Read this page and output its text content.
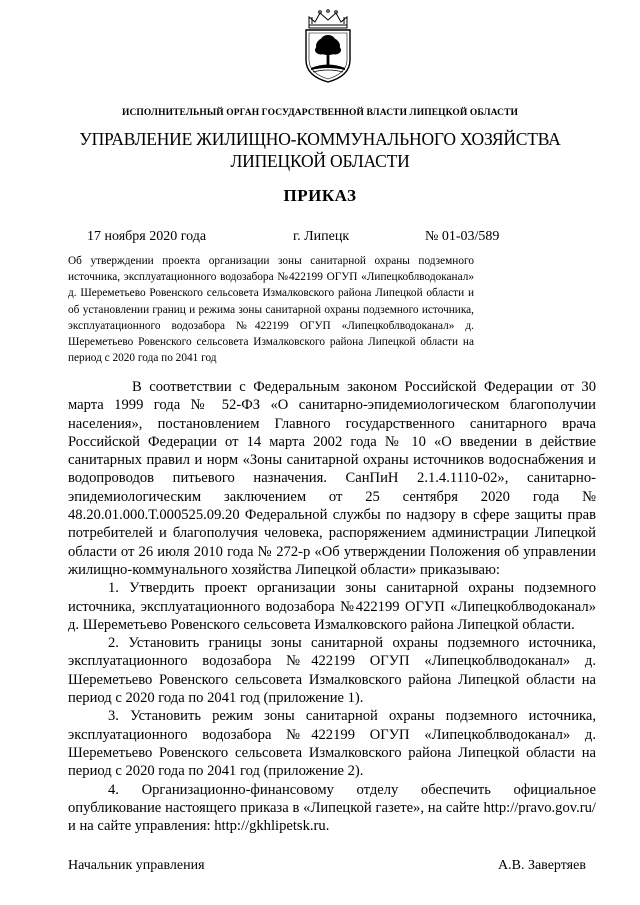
ИСПОЛНИТЕЛЬНЫЙ ОРГАН ГОСУДАРСТВЕННОЙ ВЛАСТИ ЛИПЕЦКОЙ ОБЛАСТИ
УПРАВЛЕНИЕ ЖИЛИЩНО-КОММУНАЛЬНОГО ХОЗЯЙСТВА
ЛИПЕЦКОЙ ОБЛАСТИ
ПРИКАЗ
17 ноября 2020 года	г. Липецк	№ 01-03/589
Об утверждении проекта организации зоны санитарной охраны подземного источника, эксплуатационного водозабора №422199 ОГУП «Липецкоблводоканал» д. Шереметьево Ровенского сельсовета Измалковского района Липецкой области и об установлении границ и режима зоны санитарной охраны подземного источника, эксплуатационного водозабора №422199 ОГУП «Липецкоблводоканал» д. Шереметьево Ровенского сельсовета Измалковского района Липецкой области на период с 2020 года по 2041 год

В соответствии с Федеральным законом Российской Федерации от 30 марта 1999 года № 52-ФЗ «О санитарно-эпидемиологическом благополучии населения», постановлением Главного государственного санитарного врача Российской Федерации от 14 марта 2002 года № 10 «О введении в действие санитарных правил и норм «Зоны санитарной охраны источников водоснабжения и водопроводов питьевого назначения. СанПиН 2.1.4.1110-02», санитарно-эпидемиологическим заключением от 25 сентября 2020 года № 48.20.01.000.Т.000525.09.20 Федеральной службы по надзору в сфере защиты прав потребителей и благополучия человека, распоряжением администрации Липецкой области от 26 июля 2010 года № 272-р «Об утверждении Положения об управлении жилищно-коммунального хозяйства Липецкой области» приказываю:

1. Утвердить проект организации зоны санитарной охраны подземного источника, эксплуатационного водозабора №422199 ОГУП «Липецкоблводоканал» д. Шереметьево Ровенского сельсовета Измалковского района Липецкой области.

2. Установить границы зоны санитарной охраны подземного источника, эксплуатационного водозабора №422199 ОГУП «Липецкоблводоканал» д. Шереметьево Ровенского сельсовета Измалковского района Липецкой области на период с 2020 года по 2041 год (приложение 1).

3. Установить режим зоны санитарной охраны подземного источника, эксплуатационного водозабора №422199 ОГУП «Липецкоблводоканал» д. Шереметьево Ровенского сельсовета Измалковского района Липецкой области на период с 2020 года по 2041 год (приложение 2).

4. Организационно-финансовому отделу обеспечить официальное опубликование настоящего приказа в «Липецкой газете», на сайте http://pravo.gov.ru/ и на сайте управления: http://gkhlipetsk.ru.

Начальник управления	А.В. Завертяев
